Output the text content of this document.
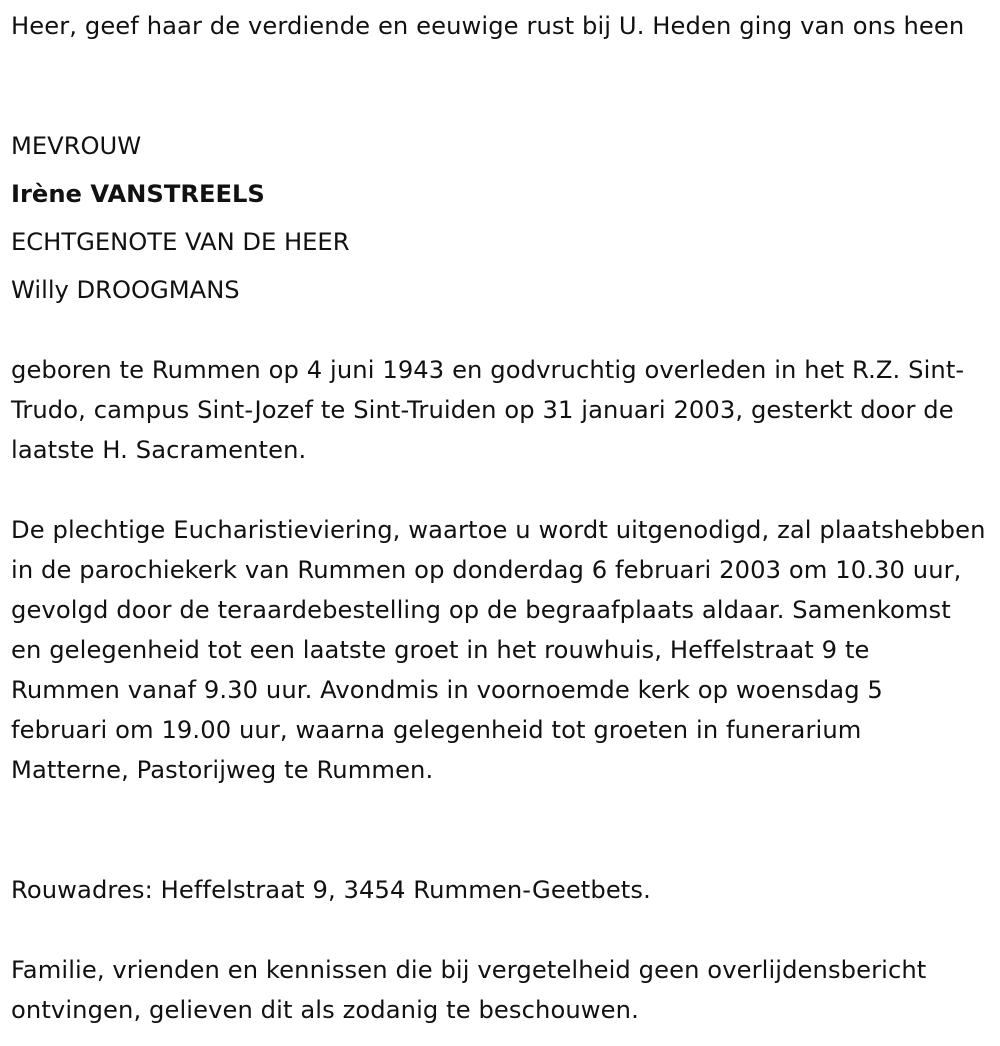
Heer, geef haar de verdiende en eeuwige rust bij U. Heden ging van ons heen

MEVROUW

Irène VANSTREELS

ECHTGENOTE VAN DE HEER

Willy DROOGMANS

geboren te Rummen op 4 juni 1943 en godvruchtig overleden in het R.Z. Sint-Trudo, campus Sint-Jozef te Sint-Truiden op 31 januari 2003, gesterkt door de laatste H. Sacramenten.

De plechtige Eucharistieviering, waartoe u wordt uitgenodigd, zal plaatshebben in de parochiekerk van Rummen op donderdag 6 februari 2003 om 10.30 uur, gevolgd door de teraardebestelling op de begraafplaats aldaar. Samenkomst en gelegenheid tot een laatste groet in het rouwhuis, Heffelstraat 9 te Rummen vanaf 9.30 uur. Avondmis in voornoemde kerk op woensdag 5 februari om 19.00 uur, waarna gelegenheid tot groeten in funerarium Matterne, Pastorijweg te Rummen.

Rouwadres: Heffelstraat 9, 3454 Rummen-Geetbets.

Familie, vrienden en kennissen die bij vergetelheid geen overlijdensbericht ontvingen, gelieven dit als zodanig te beschouwen.
